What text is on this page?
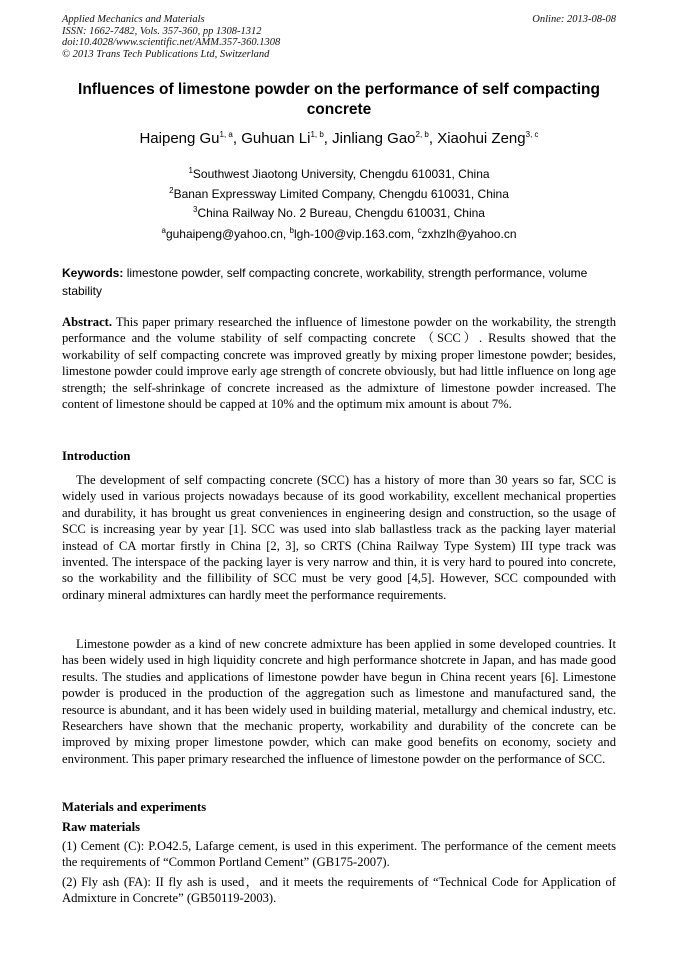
Applied Mechanics and Materials
ISSN: 1662-7482, Vols. 357-360, pp 1308-1312
doi:10.4028/www.scientific.net/AMM.357-360.1308
© 2013 Trans Tech Publications Ltd, Switzerland
Online: 2013-08-08
Influences of limestone powder on the performance of self compacting concrete
Haipeng Gu$^{1, a}$, Guhuan Li$^{1, b}$, Jinliang Gao$^{2, b}$, Xiaohui Zeng$^{3, c}$
$^1$Southwest Jiaotong University, Chengdu 610031, China
$^2$Banan Expressway Limited Company, Chengdu 610031, China
$^3$China Railway No. 2 Bureau, Chengdu 610031, China
$^a$guhaipeng@yahoo.cn, $^b$lgh-100@vip.163.com, $^c$zxhzlh@yahoo.cn
Keywords: limestone powder, self compacting concrete, workability, strength performance, volume stability
Abstract. This paper primary researched the influence of limestone powder on the workability, the strength performance and the volume stability of self compacting concrete （SCC）. Results showed that the workability of self compacting concrete was improved greatly by mixing proper limestone powder; besides, limestone powder could improve early age strength of concrete obviously, but had little influence on long age strength; the self-shrinkage of concrete increased as the admixture of limestone powder increased. The content of limestone should be capped at 10% and the optimum mix amount is about 7%.
Introduction
The development of self compacting concrete (SCC) has a history of more than 30 years so far, SCC is widely used in various projects nowadays because of its good workability, excellent mechanical properties and durability, it has brought us great conveniences in engineering design and construction, so the usage of SCC is increasing year by year [1]. SCC was used into slab ballastless track as the packing layer material instead of CA mortar firstly in China [2, 3], so CRTS (China Railway Type System) III type track was invented. The interspace of the packing layer is very narrow and thin, it is very hard to poured into concrete, so the workability and the fillibility of SCC must be very good [4,5]. However, SCC compounded with ordinary mineral admixtures can hardly meet the performance requirements.
Limestone powder as a kind of new concrete admixture has been applied in some developed countries. It has been widely used in high liquidity concrete and high performance shotcrete in Japan, and has made good results. The studies and applications of limestone powder have begun in China recent years [6]. Limestone powder is produced in the production of the aggregation such as limestone and manufactured sand, the resource is abundant, and it has been widely used in building material, metallurgy and chemical industry, etc. Researchers have shown that the mechanic property, workability and durability of the concrete can be improved by mixing proper limestone powder, which can make good benefits on economy, society and environment. This paper primary researched the influence of limestone powder on the performance of SCC.
Materials and experiments
Raw materials
(1) Cement (C): P.O42.5, Lafarge cement, is used in this experiment. The performance of the cement meets the requirements of “Common Portland Cement” (GB175-2007).
(2) Fly ash (FA): II fly ash is used，and it meets the requirements of “Technical Code for Application of Admixture in Concrete” (GB50119-2003).
